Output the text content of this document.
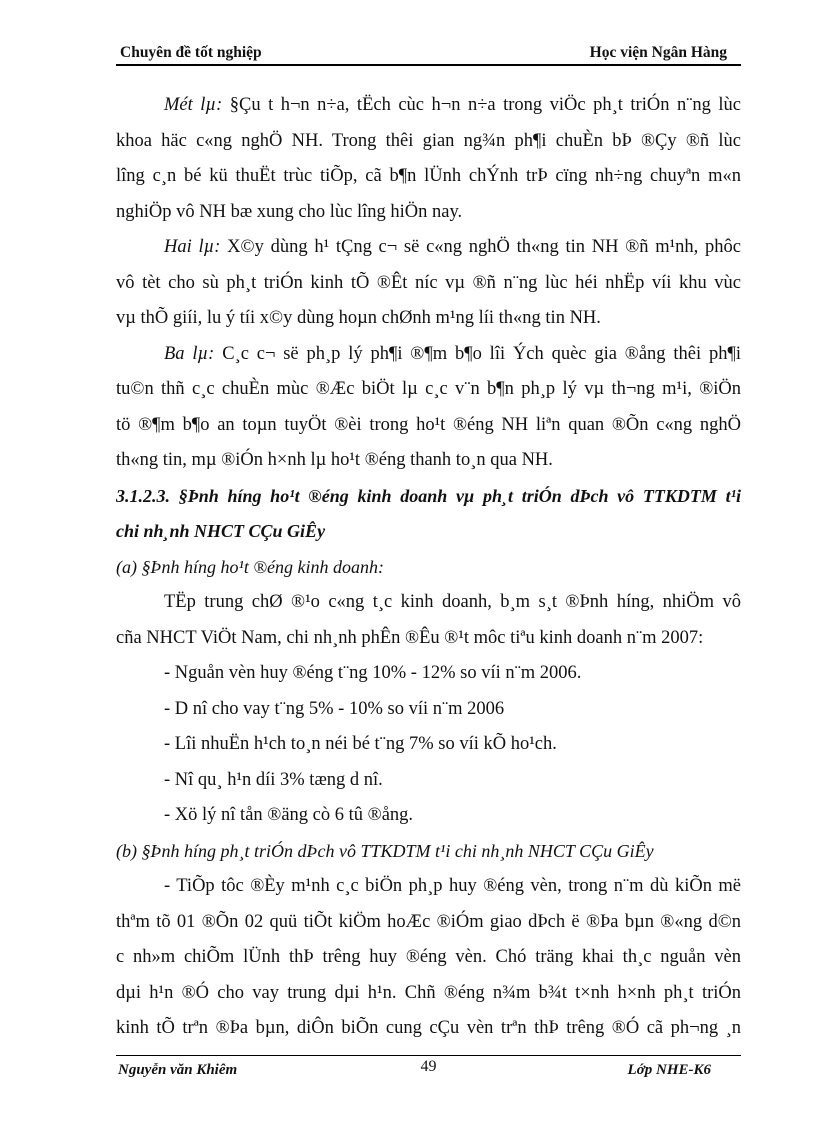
Chuyên đề tốt nghiệp	Học viện Ngân Hàng
Mét lµ: §Çu t h¬n n÷a, tËch cùc h¬n n÷a trong viÖc ph¸t triÓn n¨ng lùc
khoa häc c«ng nghÖ NH. Trong thêi gian ng¾n ph¶i chuÈn bÞ ®Çy ®ñ lùc
lîng c¸n bé kü thuËt trùc tiÕp, cã b¶n lÜnh chÝnh trÞ cïng nh÷ng chuyªn m«n
nghiÖp vô NH bæ xung cho lùc lîng hiÖn nay.
Hai lµ: X©y dùng h¹ tÇng c¬ së c«ng nghÖ th«ng tin NH ®ñ m¹nh, phôc
vô tèt cho sù ph¸t triÓn kinh tÕ ®Êt níc vµ ®ñ n¨ng lùc héi nhËp víi khu vùc
vµ thÕ giíi, lu ý tíi x©y dùng hoµn chØnh m¹ng líi th«ng tin NH.
Ba lµ: C¸c c¬ së ph¸p lý ph¶i ®¶m b¶o lîi Ých quèc gia ®ång thêi ph¶i
tu©n thñ c¸c chuÈn mùc ®Æc biÖt lµ c¸c v¨n b¶n ph¸p lý vµ th¬ng m¹i, ®iÖn
tö ®¶m b¶o an toµn tuyÖt ®èi trong ho¹t ®éng NH liªn quan ®Õn c«ng nghÖ
th«ng tin, mµ ®iÓn h×nh lµ ho¹t ®éng thanh to¸n qua NH.
3.1.2.3. §Þnh híng ho¹t ®éng kinh doanh vµ ph¸t triÓn dÞch vô TTKDTM t¹i
chi nh¸nh NHCT CÇu GiÊy
(a) §Þnh híng ho¹t ®éng kinh doanh:
TËp trung chØ ®¹o c«ng t¸c kinh doanh, b¸m s¸t ®Þnh híng, nhiÖm vô
cña NHCT ViÖt Nam, chi nh¸nh phÊn ®Êu ®¹t môc tiªu kinh doanh n¨m 2007:
- Nguån vèn huy ®éng t¨ng 10% - 12% so víi n¨m 2006.
- D nî cho vay t¨ng 5% - 10% so víi n¨m 2006
- Lîi nhuËn h¹ch to¸n néi bé t¨ng 7% so víi kÕ ho¹ch.
- Nî qu¸ h¹n díi 3% tæng d nî.
- Xö lý nî tån ®äng cò 6 tû ®ång.
(b) §Þnh híng ph¸t triÓn dÞch vô TTKDTM t¹i chi nh¸nh NHCT CÇu GiÊy
- TiÕp tôc ®Èy m¹nh c¸c biÖn ph¸p huy ®éng vèn, trong n¨m dù kiÕn më
thªm tõ 01 ®Õn 02 quü tiÕt kiÖm hoÆc ®iÓm giao dÞch ë ®Þa bµn ®«ng d©n
c nh»m chiÕm lÜnh thÞ trêng huy ®éng vèn. Chó träng khai th¸c nguån vèn
dµi h¹n ®Ó cho vay trung dµi h¹n. Chñ ®éng n¾m b¾t t×nh h×nh ph¸t triÓn
kinh tÕ trªn ®Þa bµn, diÔn biÕn cung cÇu vèn trªn thÞ trêng ®Ó cã ph¬ng ¸n
Nguyễn văn Khiêm	49	Lớp NHE-K6
